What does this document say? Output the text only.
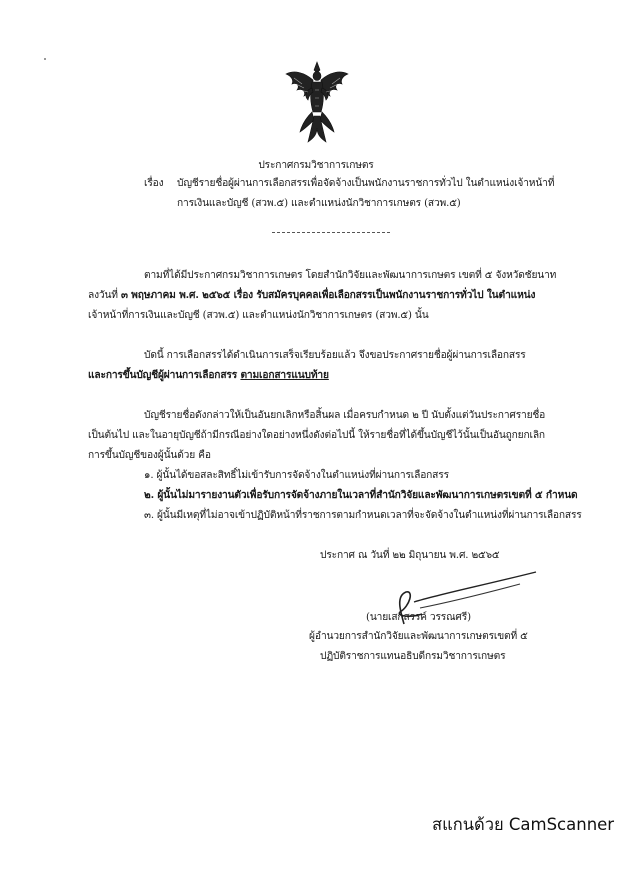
ประกาศกรมวิชาการเกษตร
เรื่อง บัญชีรายชื่อผู้ผ่านการเลือกสรรเพื่อจัดจ้างเป็นพนักงานราชการทั่วไป ในตำแหน่งเจ้าหน้าที่
การเงินและบัญชี (สวพ.๕) และตำแหน่งนักวิชาการเกษตร (สวพ.๕)
ตามที่ได้มีประกาศกรมวิชาการเกษตร โดยสำนักวิจัยและพัฒนาการเกษตร เขตที่ ๕ จังหวัดชัยนาท
ลงวันที่ ๓ พฤษภาคม พ.ศ. ๒๕๖๕ เรื่อง รับสมัครบุคคลเพื่อเลือกสรรเป็นพนักงานราชการทั่วไป ในตำแหน่ง
เจ้าหน้าที่การเงินและบัญชี (สวพ.๕) และตำแหน่งนักวิชาการเกษตร (สวพ.๕) นั้น
บัดนี้ การเลือกสรรได้ดำเนินการเสร็จเรียบร้อยแล้ว จึงขอประกาศรายชื่อผู้ผ่านการเลือกสรร
และการขึ้นบัญชีผู้ผ่านการเลือกสรร ตามเอกสารแนบท้าย
บัญชีรายชื่อดังกล่าวให้เป็นอันยกเลิกหรือสิ้นผล เมื่อครบกำหนด ๒ ปี นับตั้งแต่วันประกาศรายชื่อ
เป็นต้นไป และในอายุบัญชีถ้ามีกรณีอย่างใดอย่างหนึ่งดังต่อไปนี้ ให้รายชื่อที่ได้ขึ้นบัญชีไว้นั้นเป็นอันถูกยกเลิก
การขึ้นบัญชีของผู้นั้นด้วย คือ
๑. ผู้นั้นได้ขอสละสิทธิ์ไม่เข้ารับการจัดจ้างในตำแหน่งที่ผ่านการเลือกสรร
๒. ผู้นั้นไม่มารายงานตัวเพื่อรับการจัดจ้างภายในเวลาที่สำนักวิจัยและพัฒนาการเกษตรเขตที่ ๕ กำหนด
๓. ผู้นั้นมีเหตุที่ไม่อาจเข้าปฏิบัติหน้าที่ราชการตามกำหนดเวลาที่จะจัดจ้างในตำแหน่งที่ผ่านการเลือกสรร
ประกาศ ณ วันที่ ๒๒ มิถุนายน พ.ศ. ๒๕๖๕
(นายเสกสรรค์ วรรณศรี)
ผู้อำนวยการสำนักวิจัยและพัฒนาการเกษตรเขตที่ ๕
ปฏิบัติราชการแทนอธิบดีกรมวิชาการเกษตร
สแกนด้วย CamScanner
